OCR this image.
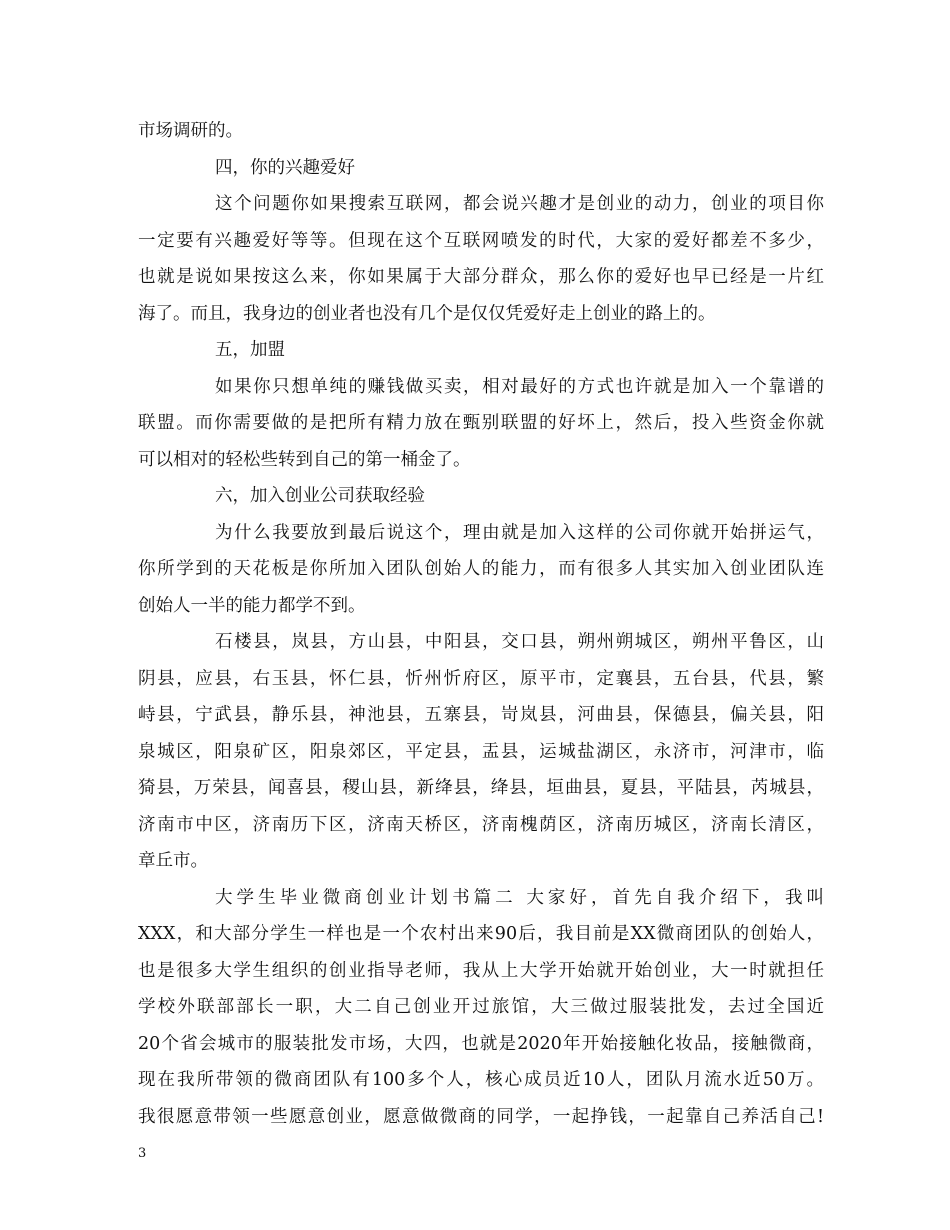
市场调研的。
四，你的兴趣爱好
这个问题你如果搜索互联网，都会说兴趣才是创业的动力，创业的项目你
一定要有兴趣爱好等等。但现在这个互联网喷发的时代，大家的爱好都差不多少，
也就是说如果按这么来，你如果属于大部分群众，那么你的爱好也早已经是一片红
海了。而且，我身边的创业者也没有几个是仅仅凭爱好走上创业的路上的。
五，加盟
如果你只想单纯的赚钱做买卖，相对最好的方式也许就是加入一个靠谱的
联盟。而你需要做的是把所有精力放在甄别联盟的好坏上，然后，投入些资金你就
可以相对的轻松些转到自己的第一桶金了。
六，加入创业公司获取经验
为什么我要放到最后说这个，理由就是加入这样的公司你就开始拼运气，
你所学到的天花板是你所加入团队创始人的能力，而有很多人其实加入创业团队连
创始人一半的能力都学不到。
石楼县，岚县，方山县，中阳县，交口县，朔州朔城区，朔州平鲁区，山
阴县，应县，右玉县，怀仁县，忻州忻府区，原平市，定襄县，五台县，代县，繁
峙县，宁武县，静乐县，神池县，五寨县，岢岚县，河曲县，保德县，偏关县，阳
泉城区，阳泉矿区，阳泉郊区，平定县，盂县，运城盐湖区，永济市，河津市，临
猗县，万荣县，闻喜县，稷山县，新绛县，绛县，垣曲县，夏县，平陆县，芮城县，
济南市中区，济南历下区，济南天桥区，济南槐荫区，济南历城区，济南长清区，
章丘市。
大学生毕业微商创业计划书篇二 大家好，首先自我介绍下，我叫
XXX，和大部分学生一样也是一个农村出来90后，我目前是XX微商团队的创始人，
也是很多大学生组织的创业指导老师，我从上大学开始就开始创业，大一时就担任
学校外联部部长一职，大二自己创业开过旅馆，大三做过服装批发，去过全国近
20个省会城市的服装批发市场，大四，也就是2020年开始接触化妆品，接触微商，
现在我所带领的微商团队有100多个人，核心成员近10人，团队月流水近50万。
我很愿意带领一些愿意创业，愿意做微商的同学，一起挣钱，一起靠自己养活自己!
3
